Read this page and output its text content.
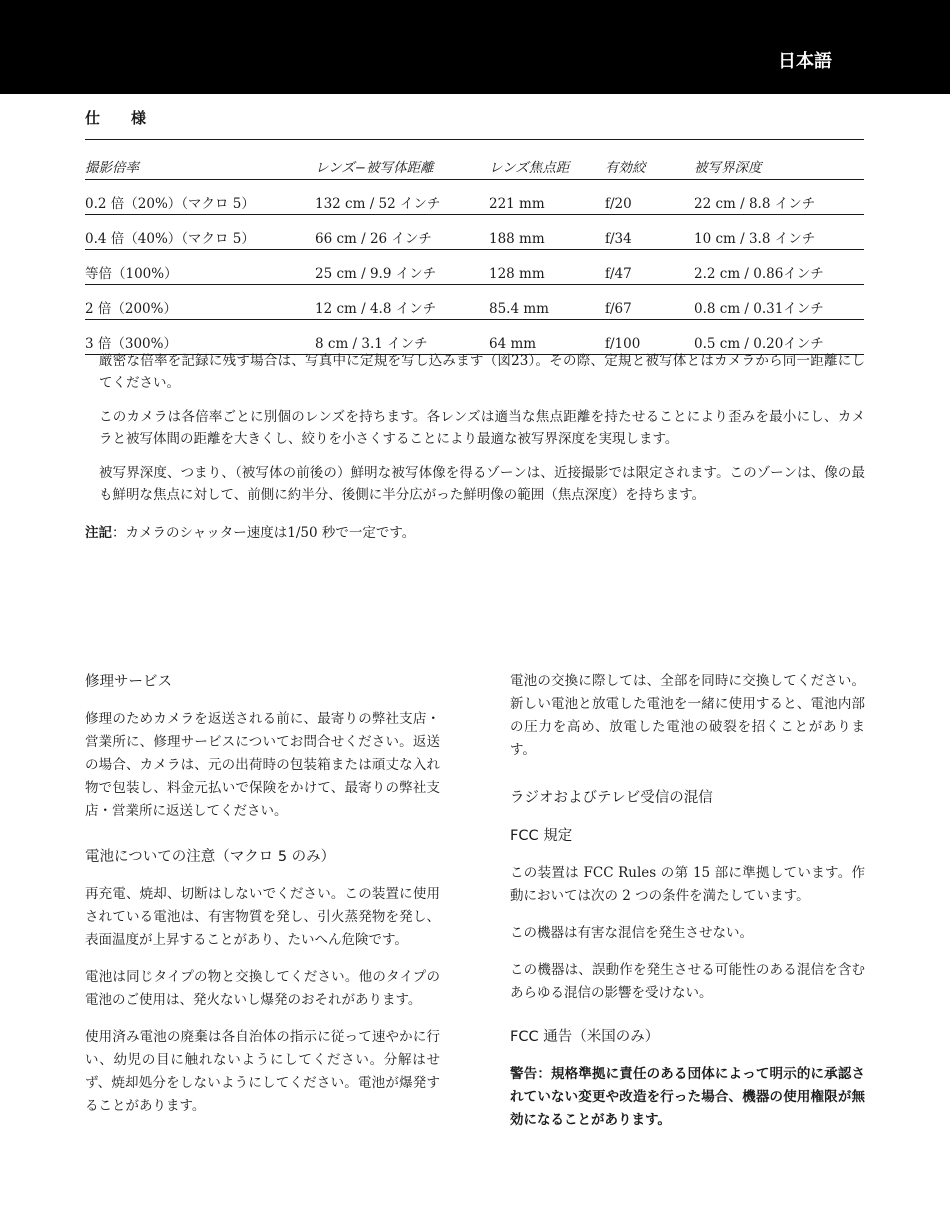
日本語
仕　様
撮影倍率	レンズ−被写体距離	レンズ焦点距	有効絞	被写界深度
0.2 倍（20%）（マクロ 5）	132 cm / 52 インチ	221 mm	f/20	22 cm / 8.8 インチ
0.4 倍（40%）（マクロ 5）	66 cm / 26 インチ	188 mm	f/34	10 cm / 3.8 インチ
等倍（100%）	25 cm / 9.9 インチ	128 mm	f/47	2.2 cm / 0.86インチ
2 倍（200%）	12 cm / 4.8 インチ	85.4 mm	f/67	0.8 cm / 0.31インチ
3 倍（300%）	8 cm / 3.1 インチ	64 mm	f/100	0.5 cm / 0.20インチ

厳密な倍率を記録に残す場合は、写真中に定規を写し込みます（図23）。その際、定規と被写体とはカメラから同一距離にしてください。

このカメラは各倍率ごとに別個のレンズを持ちます。各レンズは適当な焦点距離を持たせることにより歪みを最小にし、カメラと被写体間の距離を大きくし、絞りを小さくすることにより最適な被写界深度を実現します。

被写界深度、つまり、（被写体の前後の）鮮明な被写体像を得るゾーンは、近接撮影では限定されます。このゾーンは、像の最も鮮明な焦点に対して、前側に約半分、後側に半分広がった鮮明像の範囲（焦点深度）を持ちます。

注記：カメラのシャッター速度は1/50 秒で一定です。
修理サービス

修理のためカメラを返送される前に、最寄りの弊社支店・営業所に、修理サービスについてお問合せください。返送の場合、カメラは、元の出荷時の包装箱または頑丈な入れ物で包装し、料金元払いで保険をかけて、最寄りの弊社支店・営業所に返送してください。

電池についての注意（マクロ 5 のみ）

再充電、焼却、切断はしないでください。この装置に使用されている電池は、有害物質を発し、引火蒸発物を発し、表面温度が上昇することがあり、たいへん危険です。

電池は同じタイプの物と交換してください。他のタイプの電池のご使用は、発火ないし爆発のおそれがあります。

使用済み電池の廃棄は各自治体の指示に従って速やかに行い、幼児の目に触れないようにしてください。分解はせず、焼却処分をしないようにしてください。電池が爆発することがあります。

電池の交換に際しては、全部を同時に交換してください。新しい電池と放電した電池を一緒に使用すると、電池内部の圧力を高め、放電した電池の破裂を招くことがあります。

ラジオおよびテレビ受信の混信
FCC 規定

この装置は FCC Rules の第 15 部に準拠しています。作動においては次の 2 つの条件を満たしています。

この機器は有害な混信を発生させない。

この機器は、誤動作を発生させる可能性のある混信を含むあらゆる混信の影響を受けない。

FCC 通告（米国のみ）

警告：規格準拠に責任のある団体によって明示的に承認されていない変更や改造を行った場合、機器の使用権限が無効になることがあります。
